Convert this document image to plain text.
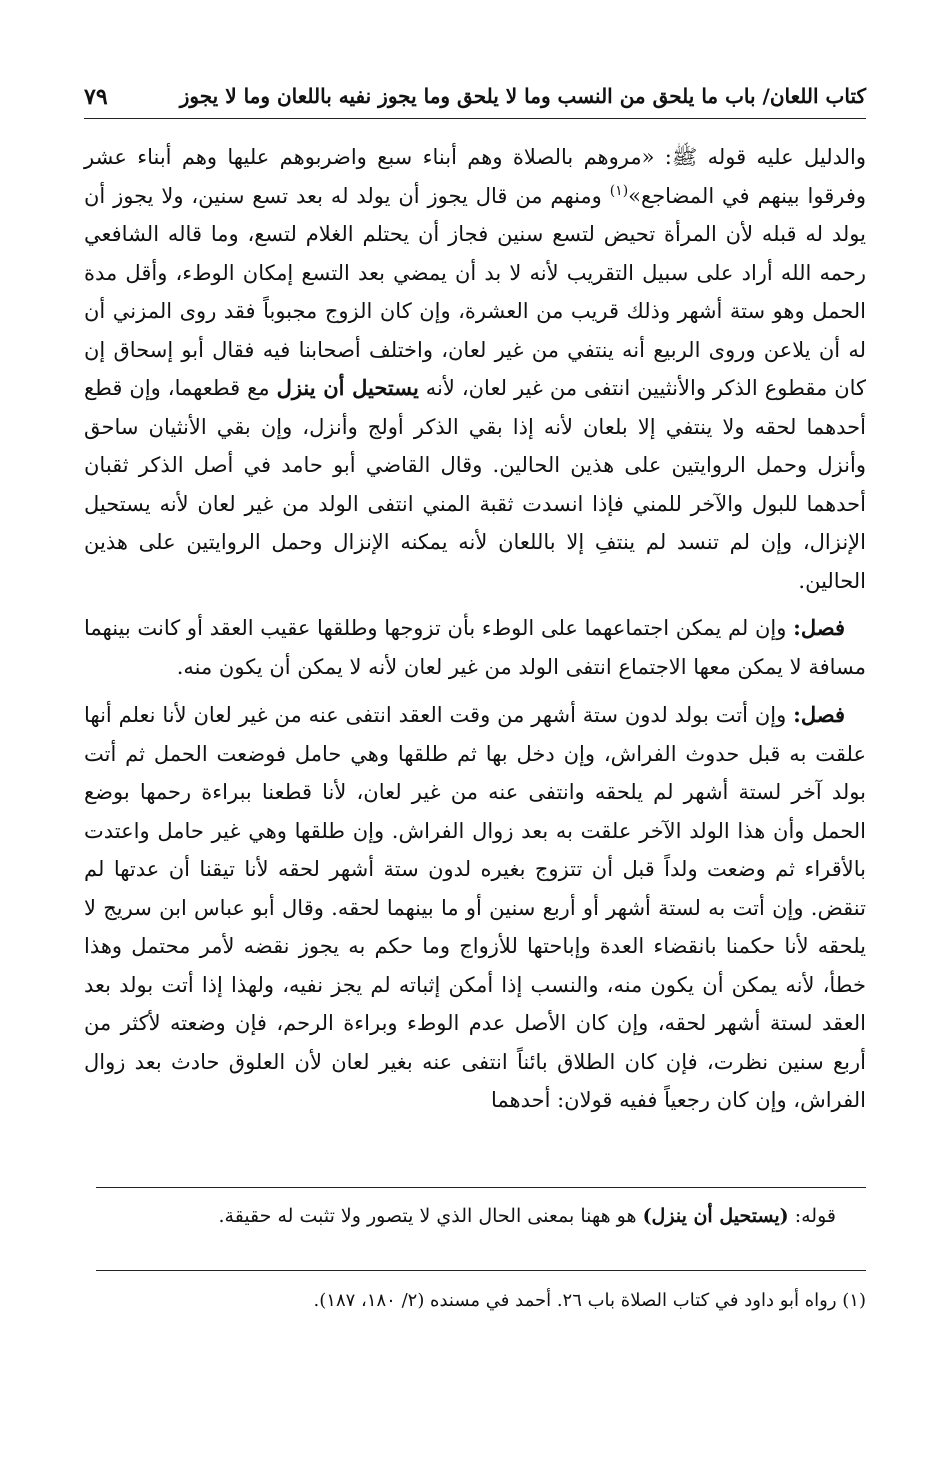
كتاب اللعان/ باب ما يلحق من النسب وما لا يلحق وما يجوز نفيه باللعان وما لا يجوز
٧٩

والدليل عليه قوله ﷺ: «مروهم بالصلاة وهم أبناء سبع واضربوهم عليها وهم أبناء عشر وفرقوا بينهم في المضاجع»$^{(١)}$ ومنهم من قال يجوز أن يولد له بعد تسع سنين، ولا يجوز أن يولد له قبله لأن المرأة تحيض لتسع سنين فجاز أن يحتلم الغلام لتسع، وما قاله الشافعي رحمه الله أراد على سبيل التقريب لأنه لا بد أن يمضي بعد التسع إمكان الوطء، وأقل مدة الحمل وهو ستة أشهر وذلك قريب من العشرة، وإن كان الزوج مجبوباً فقد روى المزني أن له أن يلاعن وروى الربيع أنه ينتفي من غير لعان، واختلف أصحابنا فيه فقال أبو إسحاق إن كان مقطوع الذكر والأنثيين انتفى من غير لعان، لأنه يستحيل أن ينزل مع قطعهما، وإن قطع أحدهما لحقه ولا ينتفي إلا بلعان لأنه إذا بقي الذكر أولج وأنزل، وإن بقي الأنثيان ساحق وأنزل وحمل الروايتين على هذين الحالين. وقال القاضي أبو حامد في أصل الذكر ثقبان أحدهما للبول والآخر للمني فإذا انسدت ثقبة المني انتفى الولد من غير لعان لأنه يستحيل الإنزال، وإن لم تنسد لم ينتفِ إلا باللعان لأنه يمكنه الإنزال وحمل الروايتين على هذين الحالين.

 فصل: وإن لم يمكن اجتماعهما على الوطء بأن تزوجها وطلقها عقيب العقد أو كانت بينهما مسافة لا يمكن معها الاجتماع انتفى الولد من غير لعان لأنه لا يمكن أن يكون منه.

 فصل: وإن أتت بولد لدون ستة أشهر من وقت العقد انتفى عنه من غير لعان لأنا نعلم أنها علقت به قبل حدوث الفراش، وإن دخل بها ثم طلقها وهي حامل فوضعت الحمل ثم أتت بولد آخر لستة أشهر لم يلحقه وانتفى عنه من غير لعان، لأنا قطعنا ببراءة رحمها بوضع الحمل وأن هذا الولد الآخر علقت به بعد زوال الفراش. وإن طلقها وهي غير حامل واعتدت بالأقراء ثم وضعت ولداً قبل أن تتزوج بغيره لدون ستة أشهر لحقه لأنا تيقنا أن عدتها لم تنقض. وإن أتت به لستة أشهر أو أربع سنين أو ما بينهما لحقه. وقال أبو عباس ابن سريج لا يلحقه لأنا حكمنا بانقضاء العدة وإباحتها للأزواج وما حكم به يجوز نقضه لأمر محتمل وهذا خطأ، لأنه يمكن أن يكون منه، والنسب إذا أمكن إثباته لم يجز نفيه، ولهذا إذا أتت بولد بعد العقد لستة أشهر لحقه، وإن كان الأصل عدم الوطء وبراءة الرحم، فإن وضعته لأكثر من أربع سنين نظرت، فإن كان الطلاق بائناً انتفى عنه بغير لعان لأن العلوق حادث بعد زوال الفراش، وإن كان رجعياً ففيه قولان: أحدهما

قوله: (يستحيل أن ينزل) هو ههنا بمعنى الحال الذي لا يتصور ولا تثبت له حقيقة.
(١) رواه أبو داود في كتاب الصلاة باب ٢٦. أحمد في مسنده (٢/ ١٨٠، ١٨٧).
